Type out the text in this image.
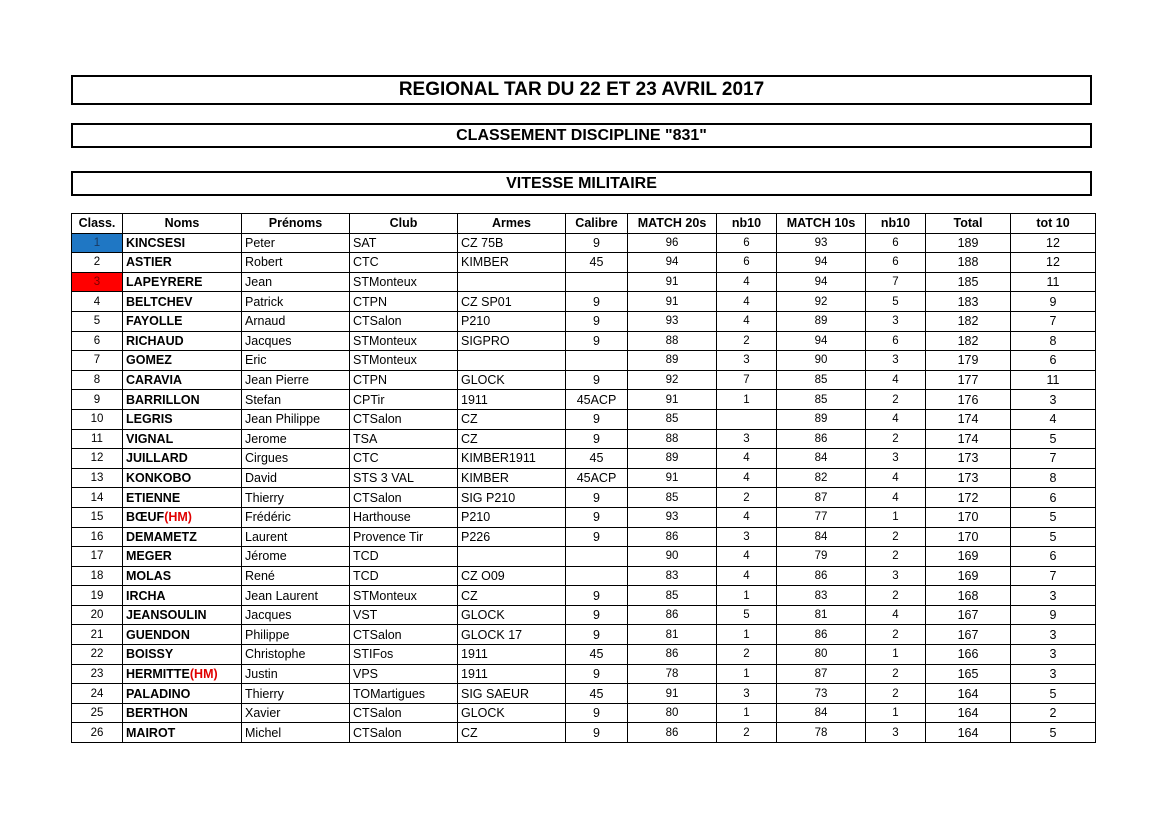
REGIONAL TAR DU 22 ET 23 AVRIL 2017
CLASSEMENT DISCIPLINE "831"
VITESSE MILITAIRE
Class.	Noms	Prénoms	Club	Armes	Calibre	MATCH 20s	nb10	MATCH 10s	nb10	Total	tot 10
1	KINCSESI	Peter	SAT	CZ 75B	9	96	6	93	6	189	12
2	ASTIER	Robert	CTC	KIMBER	45	94	6	94	6	188	12
3	LAPEYRERE	Jean	STMonteux			91	4	94	7	185	11
4	BELTCHEV	Patrick	CTPN	CZ SP01	9	91	4	92	5	183	9
5	FAYOLLE	Arnaud	CTSalon	P210	9	93	4	89	3	182	7
6	RICHAUD	Jacques	STMonteux	SIGPRO	9	88	2	94	6	182	8
7	GOMEZ	Eric	STMonteux			89	3	90	3	179	6
8	CARAVIA	Jean Pierre	CTPN	GLOCK	9	92	7	85	4	177	11
9	BARRILLON	Stefan	CPTir	1911	45ACP	91	1	85	2	176	3
10	LEGRIS	Jean Philippe	CTSalon	CZ	9	85		89	4	174	4
11	VIGNAL	Jerome	TSA	CZ	9	88	3	86	2	174	5
12	JUILLARD	Cirgues	CTC	KIMBER1911	45	89	4	84	3	173	7
13	KONKOBO	David	STS 3 VAL	KIMBER	45ACP	91	4	82	4	173	8
14	ETIENNE	Thierry	CTSalon	SIG P210	9	85	2	87	4	172	6
15	BŒUF(HM)	Frédéric	Harthouse	P210	9	93	4	77	1	170	5
16	DEMAMETZ	Laurent	Provence Tir	P226	9	86	3	84	2	170	5
17	MEGER	Jérome	TCD			90	4	79	2	169	6
18	MOLAS	René	TCD	CZ O09		83	4	86	3	169	7
19	IRCHA	Jean Laurent	STMonteux	CZ	9	85	1	83	2	168	3
20	JEANSOULIN	Jacques	VST	GLOCK	9	86	5	81	4	167	9
21	GUENDON	Philippe	CTSalon	GLOCK 17	9	81	1	86	2	167	3
22	BOISSY	Christophe	STIFos	1911	45	86	2	80	1	166	3
23	HERMITTE(HM)	Justin	VPS	1911	9	78	1	87	2	165	3
24	PALADINO	Thierry	TOMartigues	SIG SAEUR	45	91	3	73	2	164	5
25	BERTHON	Xavier	CTSalon	GLOCK	9	80	1	84	1	164	2
26	MAIROT	Michel	CTSalon	CZ	9	86	2	78	3	164	5
